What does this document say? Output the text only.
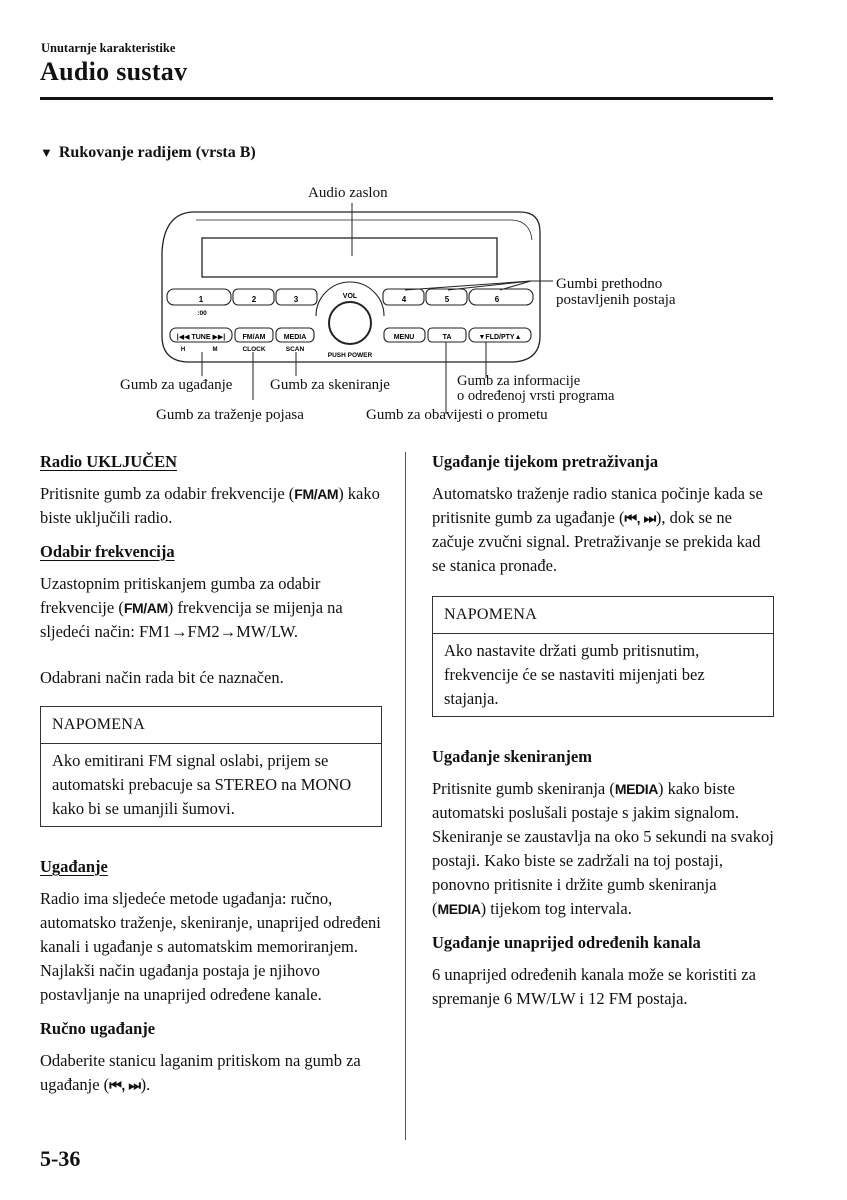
Unutarnje karakteristike
Audio sustav
▼ Rukovanje radijem (vrsta B)
1	2	3
:00
4	5	6
VOL
PUSH POWER
|◀◀ TUNE ▶▶|
H	M
FM/AM
CLOCK
MEDIA
SCAN
MENU	TA	▼FLD/PTY▲
Audio zaslon
Gumbi prethodno
postavljenih postaja
Gumb za ugađanje	Gumb za skeniranje	Gumb za informacije
o određenoj vrsti programa
Gumb za traženje pojasa	Gumb za obavijesti o prometu
Radio UKLJUČEN

Pritisnite gumb za odabir frekvencije (FM/AM) kako biste uključili radio.

Odabir frekvencija

Uzastopnim pritiskanjem gumba za odabir frekvencije (FM/AM) frekvencija se mijenja na sljedeći način: FM1→FM2→MW/LW.

Odabrani način rada bit će naznačen.

NAPOMENA
Ako emitirani FM signal oslabi, prijem se automatski prebacuje sa STEREO na MONO kako bi se umanjili šumovi.
Ugađanje

Radio ima sljedeće metode ugađanja: ručno, automatsko traženje, skeniranje, unaprijed određeni kanali i ugađanje s automatskim memoriranjem. Najlakši način ugađanja postaja je njihovo postavljanje na unaprijed određene kanale.

Ručno ugađanje

Odaberite stanicu laganim pritiskom na gumb za ugađanje (⏮, ⏭).

Ugađanje tijekom pretraživanja

Automatsko traženje radio stanica počinje kada se pritisnite gumb za ugađanje (⏮, ⏭), dok se ne začuje zvučni signal. Pretraživanje se prekida kad se stanica pronađe.

NAPOMENA
Ako nastavite držati gumb pritisnutim, frekvencije će se nastaviti mijenjati bez stajanja.
Ugađanje skeniranjem

Pritisnite gumb skeniranja (MEDIA) kako biste automatski poslušali postaje s jakim signalom. Skeniranje se zaustavlja na oko 5 sekundi na svakoj postaji. Kako biste se zadržali na toj postaji, ponovno pritisnite i držite gumb skeniranja (MEDIA) tijekom tog intervala.

Ugađanje unaprijed određenih kanala

6 unaprijed određenih kanala može se koristiti za spremanje 6 MW/LW i 12 FM postaja.

5-36
